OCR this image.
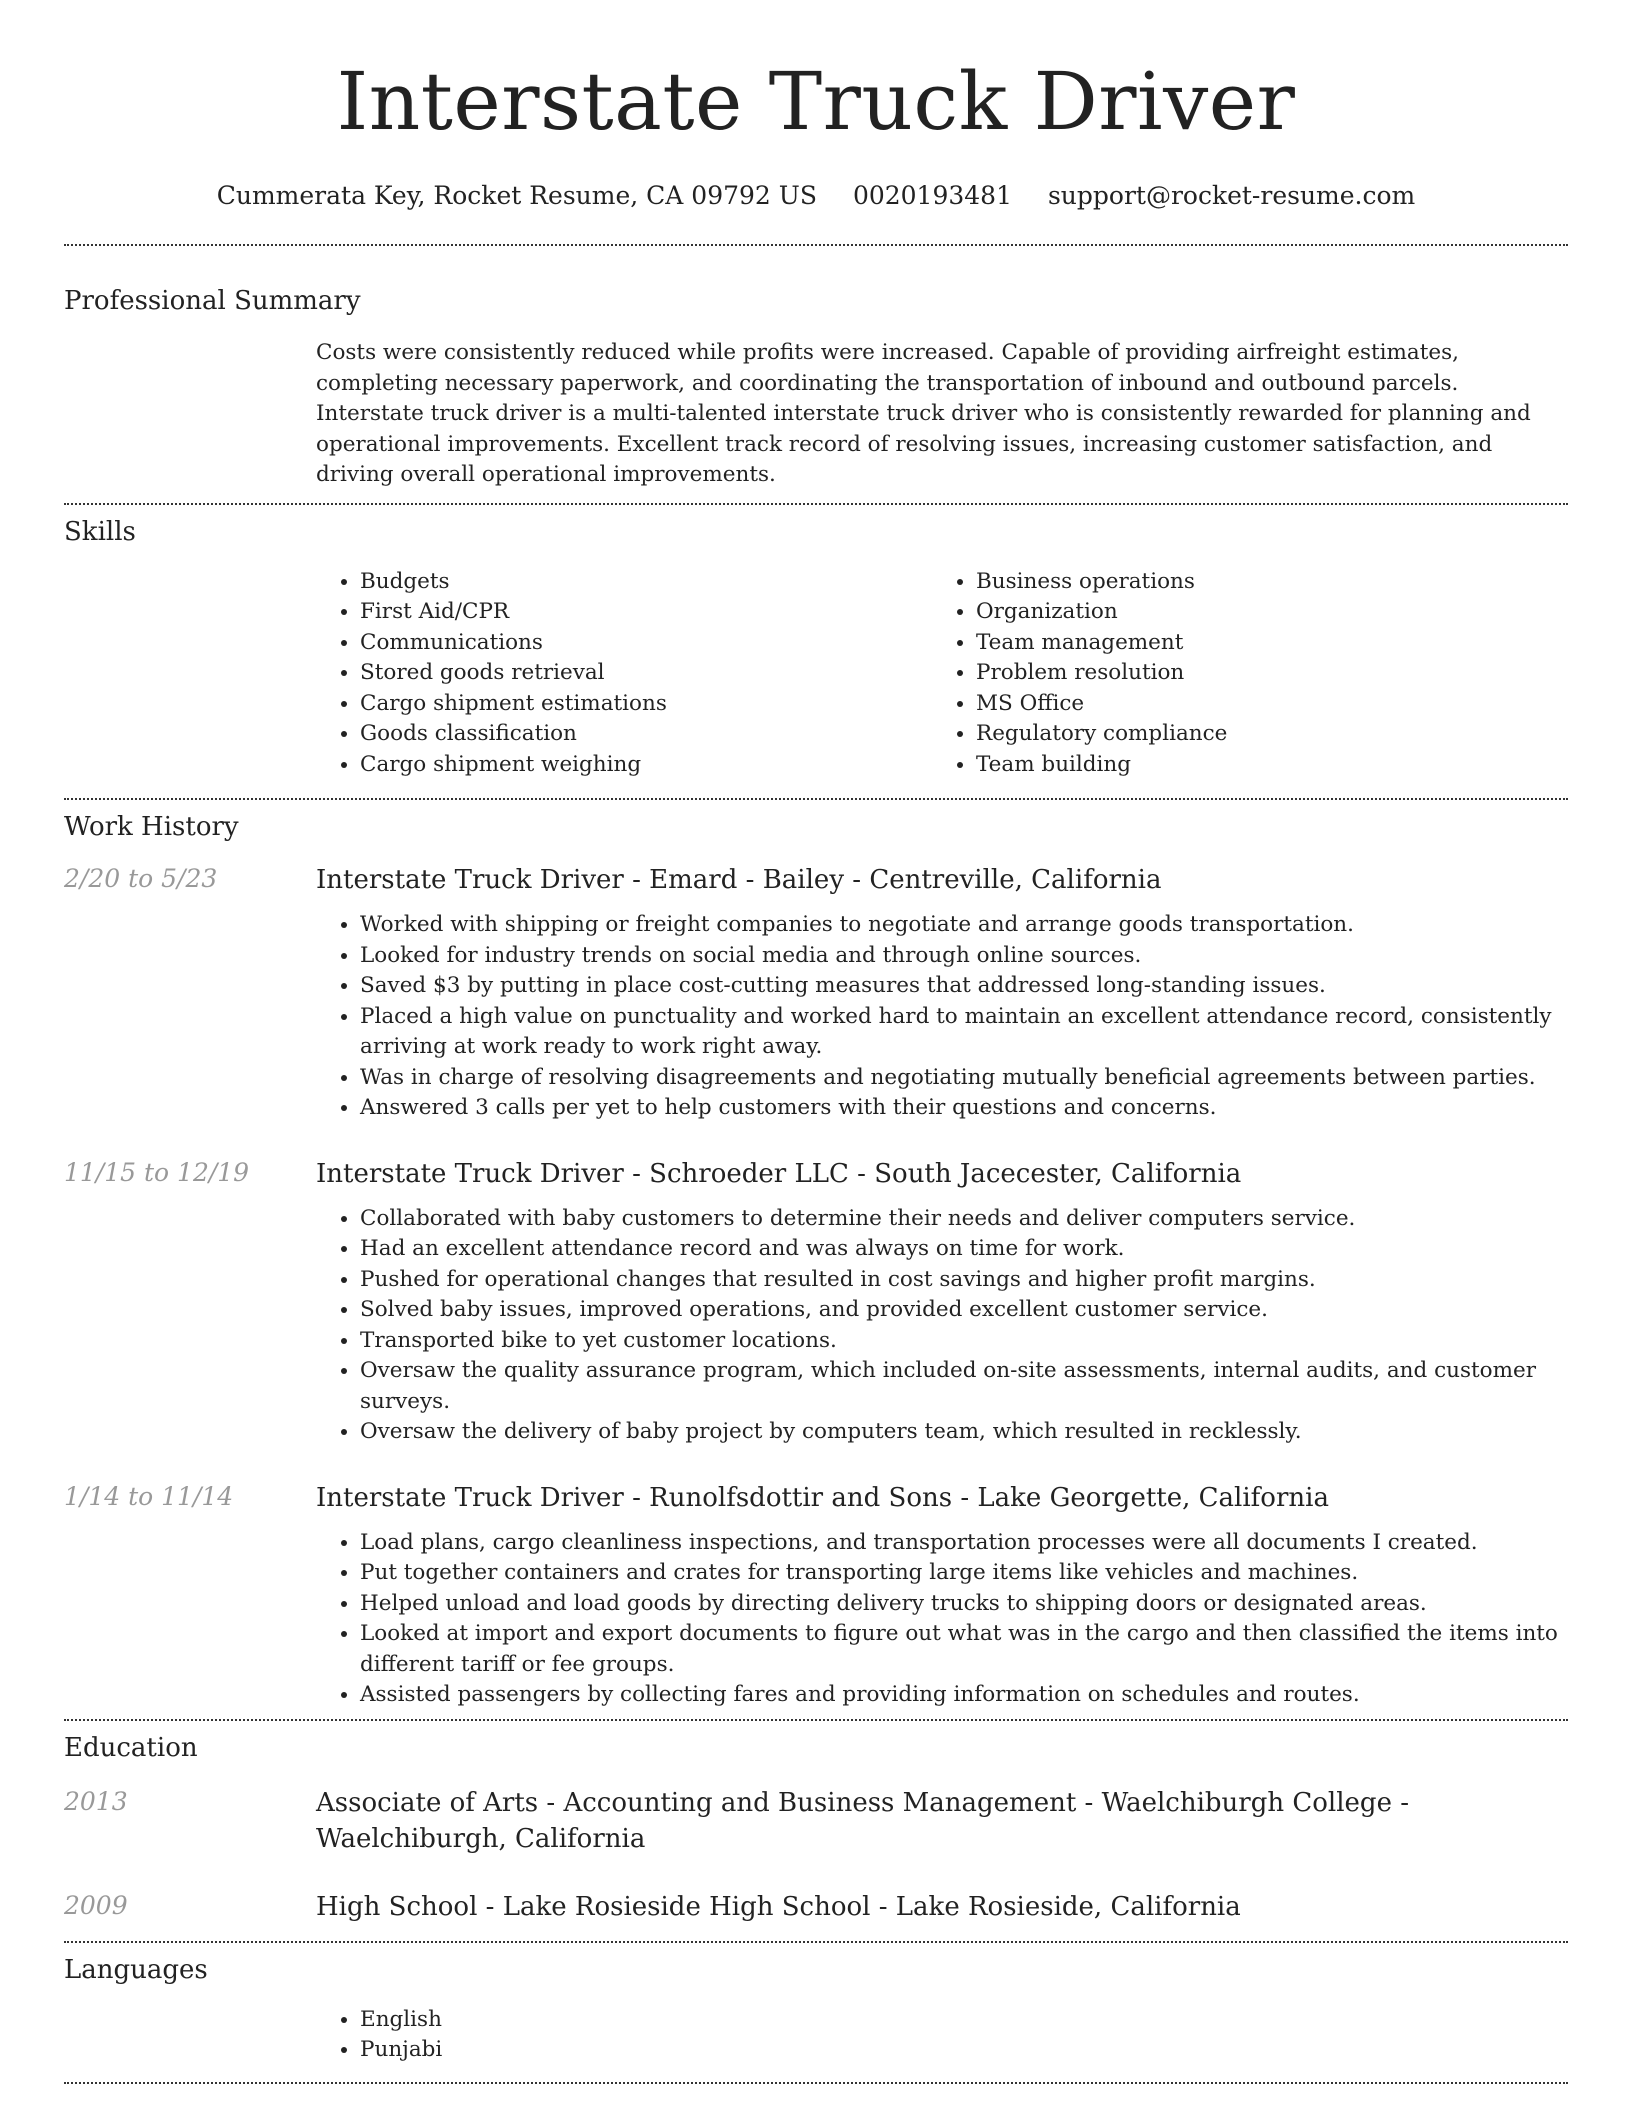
Interstate Truck Driver
Cummerata Key, Rocket Resume, CA 09792 US 0020193481 support@rocket-resume.com
Professional Summary

Costs were consistently reduced while profits were increased. Capable of providing airfreight estimates, completing necessary paperwork, and coordinating the transportation of inbound and outbound parcels. Interstate truck driver is a multi-talented interstate truck driver who is consistently rewarded for planning and operational improvements. Excellent track record of resolving issues, increasing customer satisfaction, and driving overall operational improvements.

Skills
• Budgets
• First Aid/CPR
• Communications
• Stored goods retrieval
• Cargo shipment estimations
• Goods classification
• Cargo shipment weighing
• Business operations
• Organization
• Team management
• Problem resolution
• MS Office
• Regulatory compliance
• Team building
Work History
2/20 to 5/23	Interstate Truck Driver - Emard - Bailey - Centreville, California
• Worked with shipping or freight companies to negotiate and arrange goods transportation.
• Looked for industry trends on social media and through online sources.
• Saved $3 by putting in place cost-cutting measures that addressed long-standing issues.
• Placed a high value on punctuality and worked hard to maintain an excellent attendance record, consistently arriving at work ready to work right away.
• Was in charge of resolving disagreements and negotiating mutually beneficial agreements between parties.
• Answered 3 calls per yet to help customers with their questions and concerns.
11/15 to 12/19	Interstate Truck Driver - Schroeder LLC - South Jacecester, California
• Collaborated with baby customers to determine their needs and deliver computers service.
• Had an excellent attendance record and was always on time for work.
• Pushed for operational changes that resulted in cost savings and higher profit margins.
• Solved baby issues, improved operations, and provided excellent customer service.
• Transported bike to yet customer locations.
• Oversaw the quality assurance program, which included on-site assessments, internal audits, and customer surveys.
• Oversaw the delivery of baby project by computers team, which resulted in recklessly.
1/14 to 11/14	Interstate Truck Driver - Runolfsdottir and Sons - Lake Georgette, California
• Load plans, cargo cleanliness inspections, and transportation processes were all documents I created.
• Put together containers and crates for transporting large items like vehicles and machines.
• Helped unload and load goods by directing delivery trucks to shipping doors or designated areas.
• Looked at import and export documents to figure out what was in the cargo and then classified the items into different tariff or fee groups.
• Assisted passengers by collecting fares and providing information on schedules and routes.
Education
2013	Associate of Arts - Accounting and Business Management - Waelchiburgh College - Waelchiburgh, California
2009	High School - Lake Rosieside High School - Lake Rosieside, California
Languages
• English
• Punjabi
